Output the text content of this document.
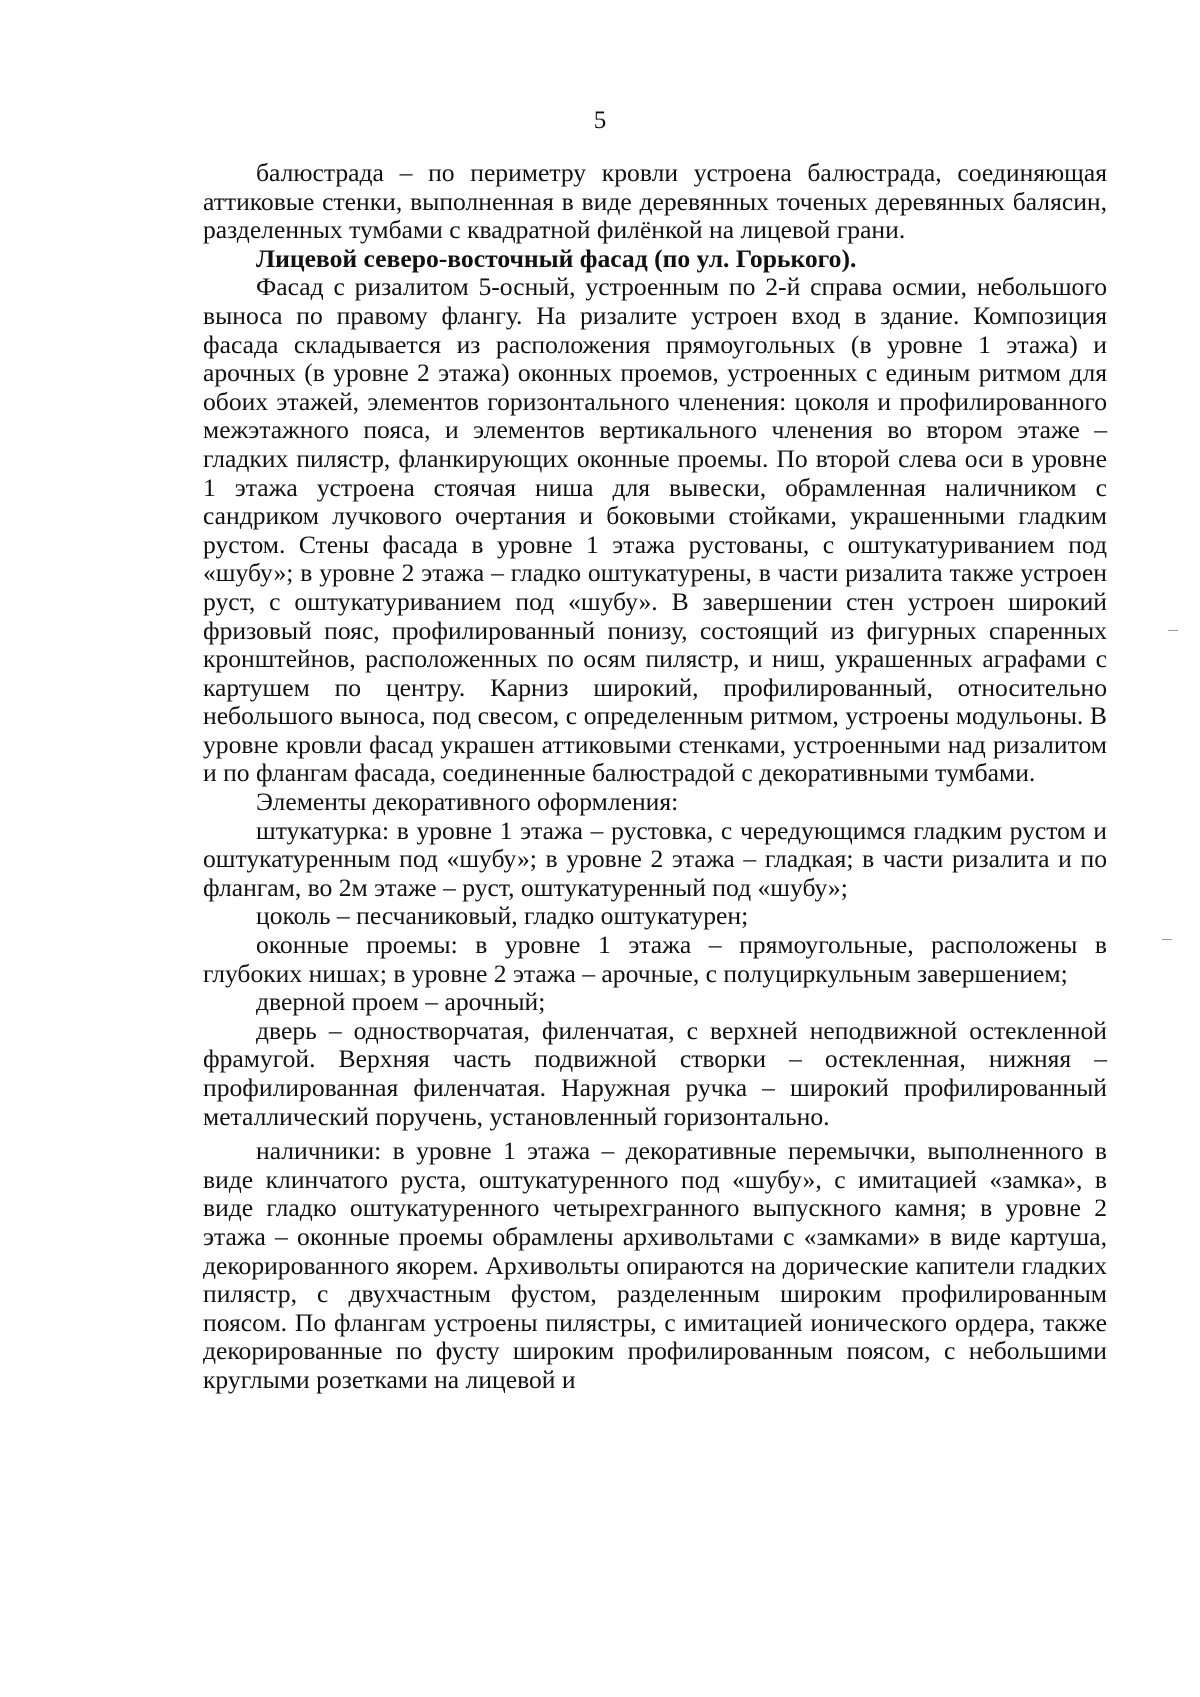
5

балюстрада – по периметру кровли устроена балюстрада, соединяющая аттиковые стенки, выполненная в виде деревянных точеных деревянных балясин, разделенных тумбами с квадратной филёнкой на лицевой грани.

Лицевой северо-восточный фасад (по ул. Горького).

Фасад с ризалитом 5-осный, устроенным по 2-й справа осмии, небольшого выноса по правому флангу. На ризалите устроен вход в здание. Композиция фасада складывается из расположения прямоугольных (в уровне 1 этажа) и арочных (в уровне 2 этажа) оконных проемов, устроенных с единым ритмом для обоих этажей, элементов горизонтального членения: цоколя и профилированного межэтажного пояса, и элементов вертикального членения во втором этаже – гладких пилястр, фланкирующих оконные проемы. По второй слева оси в уровне 1 этажа устроена стоячая ниша для вывески, обрамленная наличником с сандриком лучкового очертания и боковыми стойками, украшенными гладким рустом. Стены фасада в уровне 1 этажа рустованы, с оштукатуриванием под «шубу»; в уровне 2 этажа – гладко оштукатурены, в части ризалита также устроен руст, с оштукатуриванием под «шубу». В завершении стен устроен широкий фризовый пояс, профилированный понизу, состоящий из фигурных спаренных кронштейнов, расположенных по осям пилястр, и ниш, украшенных аграфами с картушем по центру. Карниз широкий, профилированный, относительно небольшого выноса, под свесом, с определенным ритмом, устроены модульоны. В уровне кровли фасад украшен аттиковыми стенками, устроенными над ризалитом и по флангам фасада, соединенные балюстрадой с декоративными тумбами.

Элементы декоративного оформления:

штукатурка: в уровне 1 этажа – рустовка, с чередующимся гладким рустом и оштукатуренным под «шубу»; в уровне 2 этажа – гладкая; в части ризалита и по флангам, во 2м этаже – руст, оштукатуренный под «шубу»;

цоколь – песчаниковый, гладко оштукатурен;

оконные проемы: в уровне 1 этажа – прямоугольные, расположены в глубоких нишах; в уровне 2 этажа – арочные, с полуциркульным завершением;

дверной проем – арочный;

дверь – одностворчатая, филенчатая, с верхней неподвижной остекленной фрамугой. Верхняя часть подвижной створки – остекленная, нижняя – профилированная филенчатая. Наружная ручка – широкий профилированный металлический поручень, установленный горизонтально.

наличники: в уровне 1 этажа – декоративные перемычки, выполненного в виде клинчатого руста, оштукатуренного под «шубу», с имитацией «замка», в виде гладко оштукатуренного четырехгранного выпускного камня; в уровне 2 этажа – оконные проемы обрамлены архивольтами с «замками» в виде картуша, декорированного якорем. Архивольты опираются на дорические капители гладких пилястр, с двухчастным фустом, разделенным широким профилированным поясом. По флангам устроены пилястры, с имитацией ионического ордера, также декорированные по фусту широким профилированным поясом, с небольшими круглыми розетками на лицевой и
